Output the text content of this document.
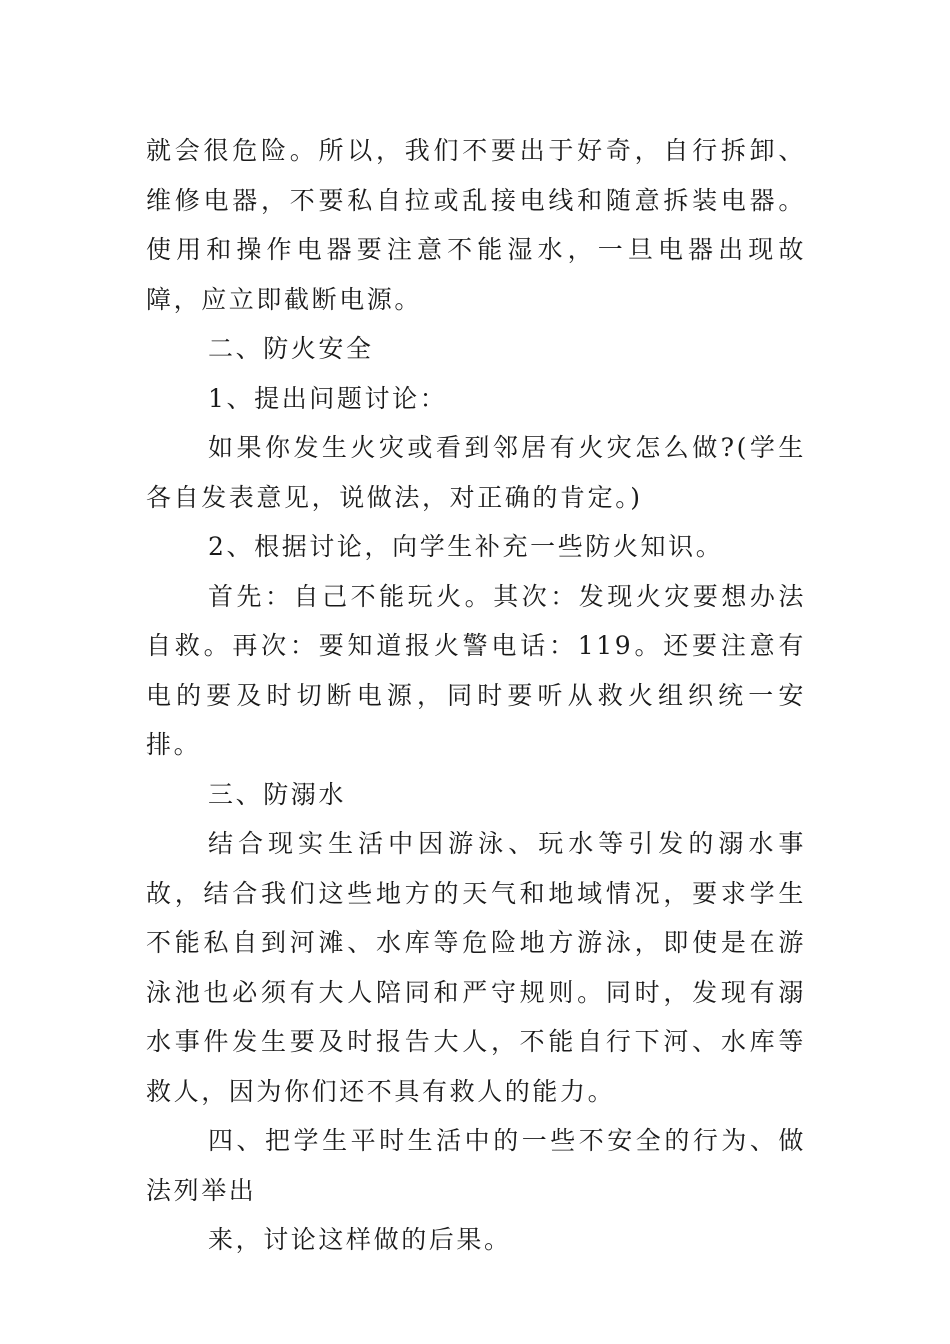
就会很危险。所以，我们不要出于好奇，自行拆卸、维修电器，不要私自拉或乱接电线和随意拆装电器。使用和操作电器要注意不能湿水，一旦电器出现故障，应立即截断电源。

二、防火安全

1、提出问题讨论：

如果你发生火灾或看到邻居有火灾怎么做?(学生各自发表意见，说做法，对正确的肯定。)

2、根据讨论，向学生补充一些防火知识。

首先：自己不能玩火。其次：发现火灾要想办法自救。再次：要知道报火警电话：119。还要注意有电的要及时切断电源，同时要听从救火组织统一安排。

三、防溺水

结合现实生活中因游泳、玩水等引发的溺水事故，结合我们这些地方的天气和地域情况，要求学生不能私自到河滩、水库等危险地方游泳，即使是在游泳池也必须有大人陪同和严守规则。同时，发现有溺水事件发生要及时报告大人，不能自行下河、水库等救人，因为你们还不具有救人的能力。

四、把学生平时生活中的一些不安全的行为、做法列举出

来，讨论这样做的后果。
